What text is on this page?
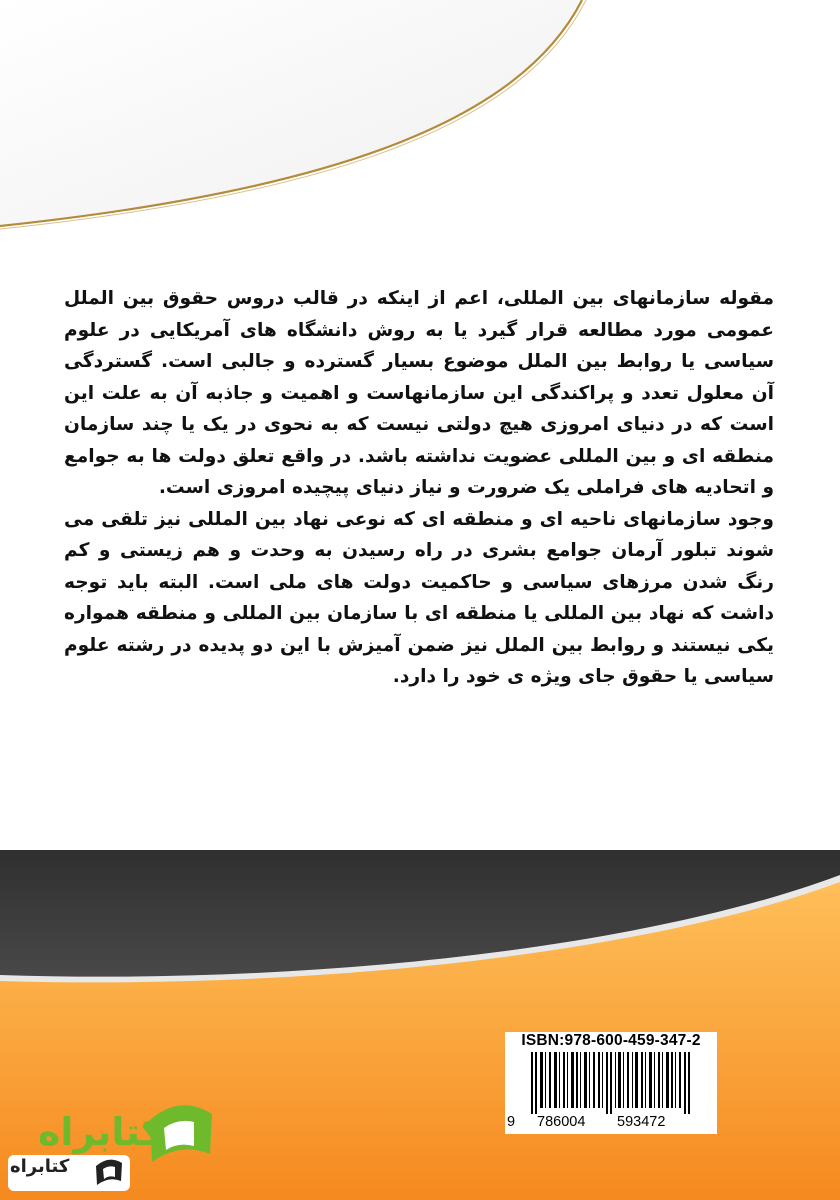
مقوله سازمانهای بین المللی، اعم از اینکه در قالب دروس حقوق بین الملل عمومی مورد مطالعه قرار گیرد یا به روش دانشگاه های آمریکایی در علوم سیاسی یا روابط بین الملل موضوع بسیار گسترده و جالبی است. گستردگی آن معلول تعدد و پراکندگی این سازمانهاست و اهمیت و جاذبه آن به علت این است که در دنیای امروزی هیچ دولتی نیست که به نحوی در یک یا چند سازمان منطقه ای و بین المللی عضویت نداشته باشد. در واقع تعلق دولت ها به جوامع و اتحادیه های فراملی یک ضرورت و نیاز دنیای پیچیده امروزی است.

وجود سازمانهای ناحیه ای و منطقه ای که نوعی نهاد بین المللی نیز تلقی می شوند تبلور آرمان جوامع بشری در راه رسیدن به وحدت و هم زیستی و کم رنگ شدن مرزهای سیاسی و حاکمیت دولت های ملی است. البته باید توجه داشت که نهاد بین المللی یا منطقه ای با سازمان بین المللی و منطقه همواره یکی نیستند و روابط بین الملل نیز ضمن آمیزش با این دو پدیده در رشته علوم سیاسی یا حقوق جای ویژه ی خود را دارد.

ISBN:978-600-459-347-2
9 786004 593472
کتابراه
کتابراه
